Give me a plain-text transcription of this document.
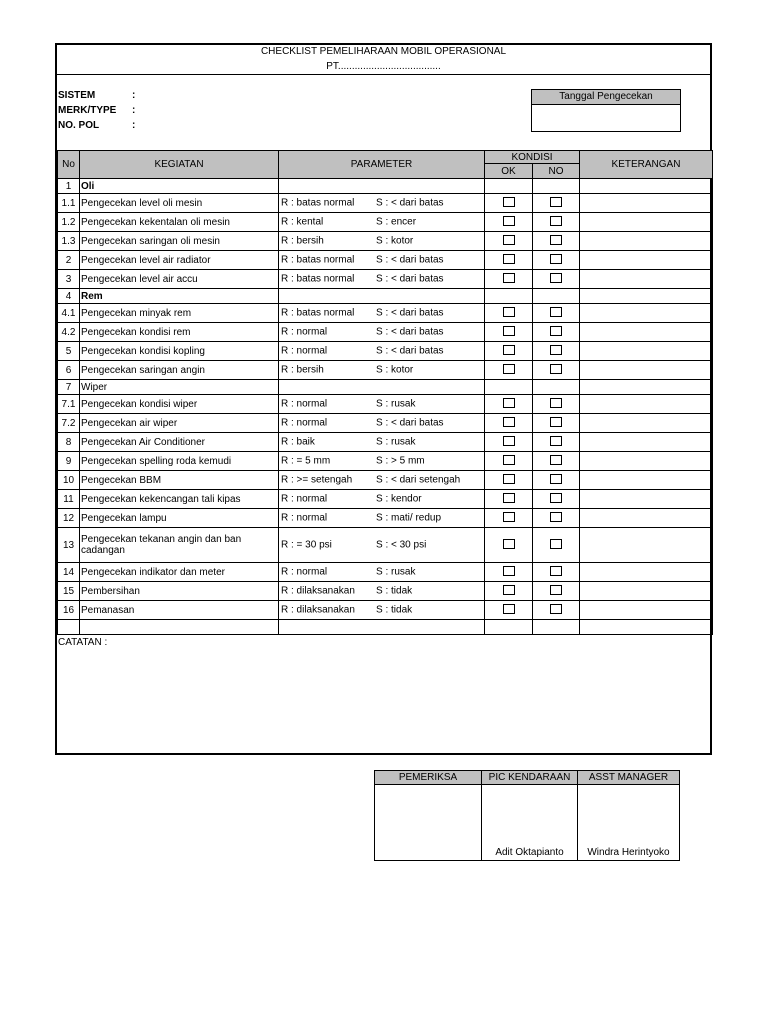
CHECKLIST PEMELIHARAAN MOBIL OPERASIONAL
PT.....................................
SISTEM	:
MERK/TYPE :
NO. POL	:
Tanggal Pengecekan
No	KEGIATAN	PARAMETER	KONDISI		KETERANGAN
			OK	NO	
1	Oli	

1.1	Pengecekan level oli mesin	R : batas normal S : < dari batas			

1.2	Pengecekan kekentalan oli mesin	R : kental S : encer			

1.3	Pengecekan saringan oli mesin	R : bersih S : kotor			

2	Pengecekan level air radiator	R : batas normal S : < dari batas			

3	Pengecekan level air accu	R : batas normal S : < dari batas			

4	Rem	

4.1	Pengecekan minyak rem	R : batas normal S : < dari batas			

4.2	Pengecekan kondisi rem	R : normal S : < dari batas			

5	Pengecekan kondisi kopling	R : normal S : < dari batas			

6	Pengecekan saringan angin	R : bersih S : kotor			

7	Wiper	

7.1	Pengecekan kondisi wiper	R : normal S : rusak			

7.2	Pengecekan air wiper	R : normal S : < dari batas			

8	Pengecekan Air Conditioner	R : baik S : rusak			

9	Pengecekan spelling roda kemudi	R : = 5 mm S : > 5 mm			

10	Pengecekan BBM	R : >= setengah S : < dari setengah			

11	Pengecekan kekencangan tali kipas	R : normal S : kendor			

12	Pengecekan lampu	R : normal S : mati/ redup			

13	Pengecekan tekanan angin dan ban cadangan	R : = 30 psi S : < 30 psi			

14	Pengecekan indikator dan meter	R : normal S : rusak			

15	Pembersihan	R : dilaksanakan S : tidak			

16	Pemanasan	R : dilaksanakan S : tidak			

CATATAN :
PEMERIKSA	PIC KENDARAAN	ASST MANAGER
	Adit Oktapianto	Windra Herintyoko
